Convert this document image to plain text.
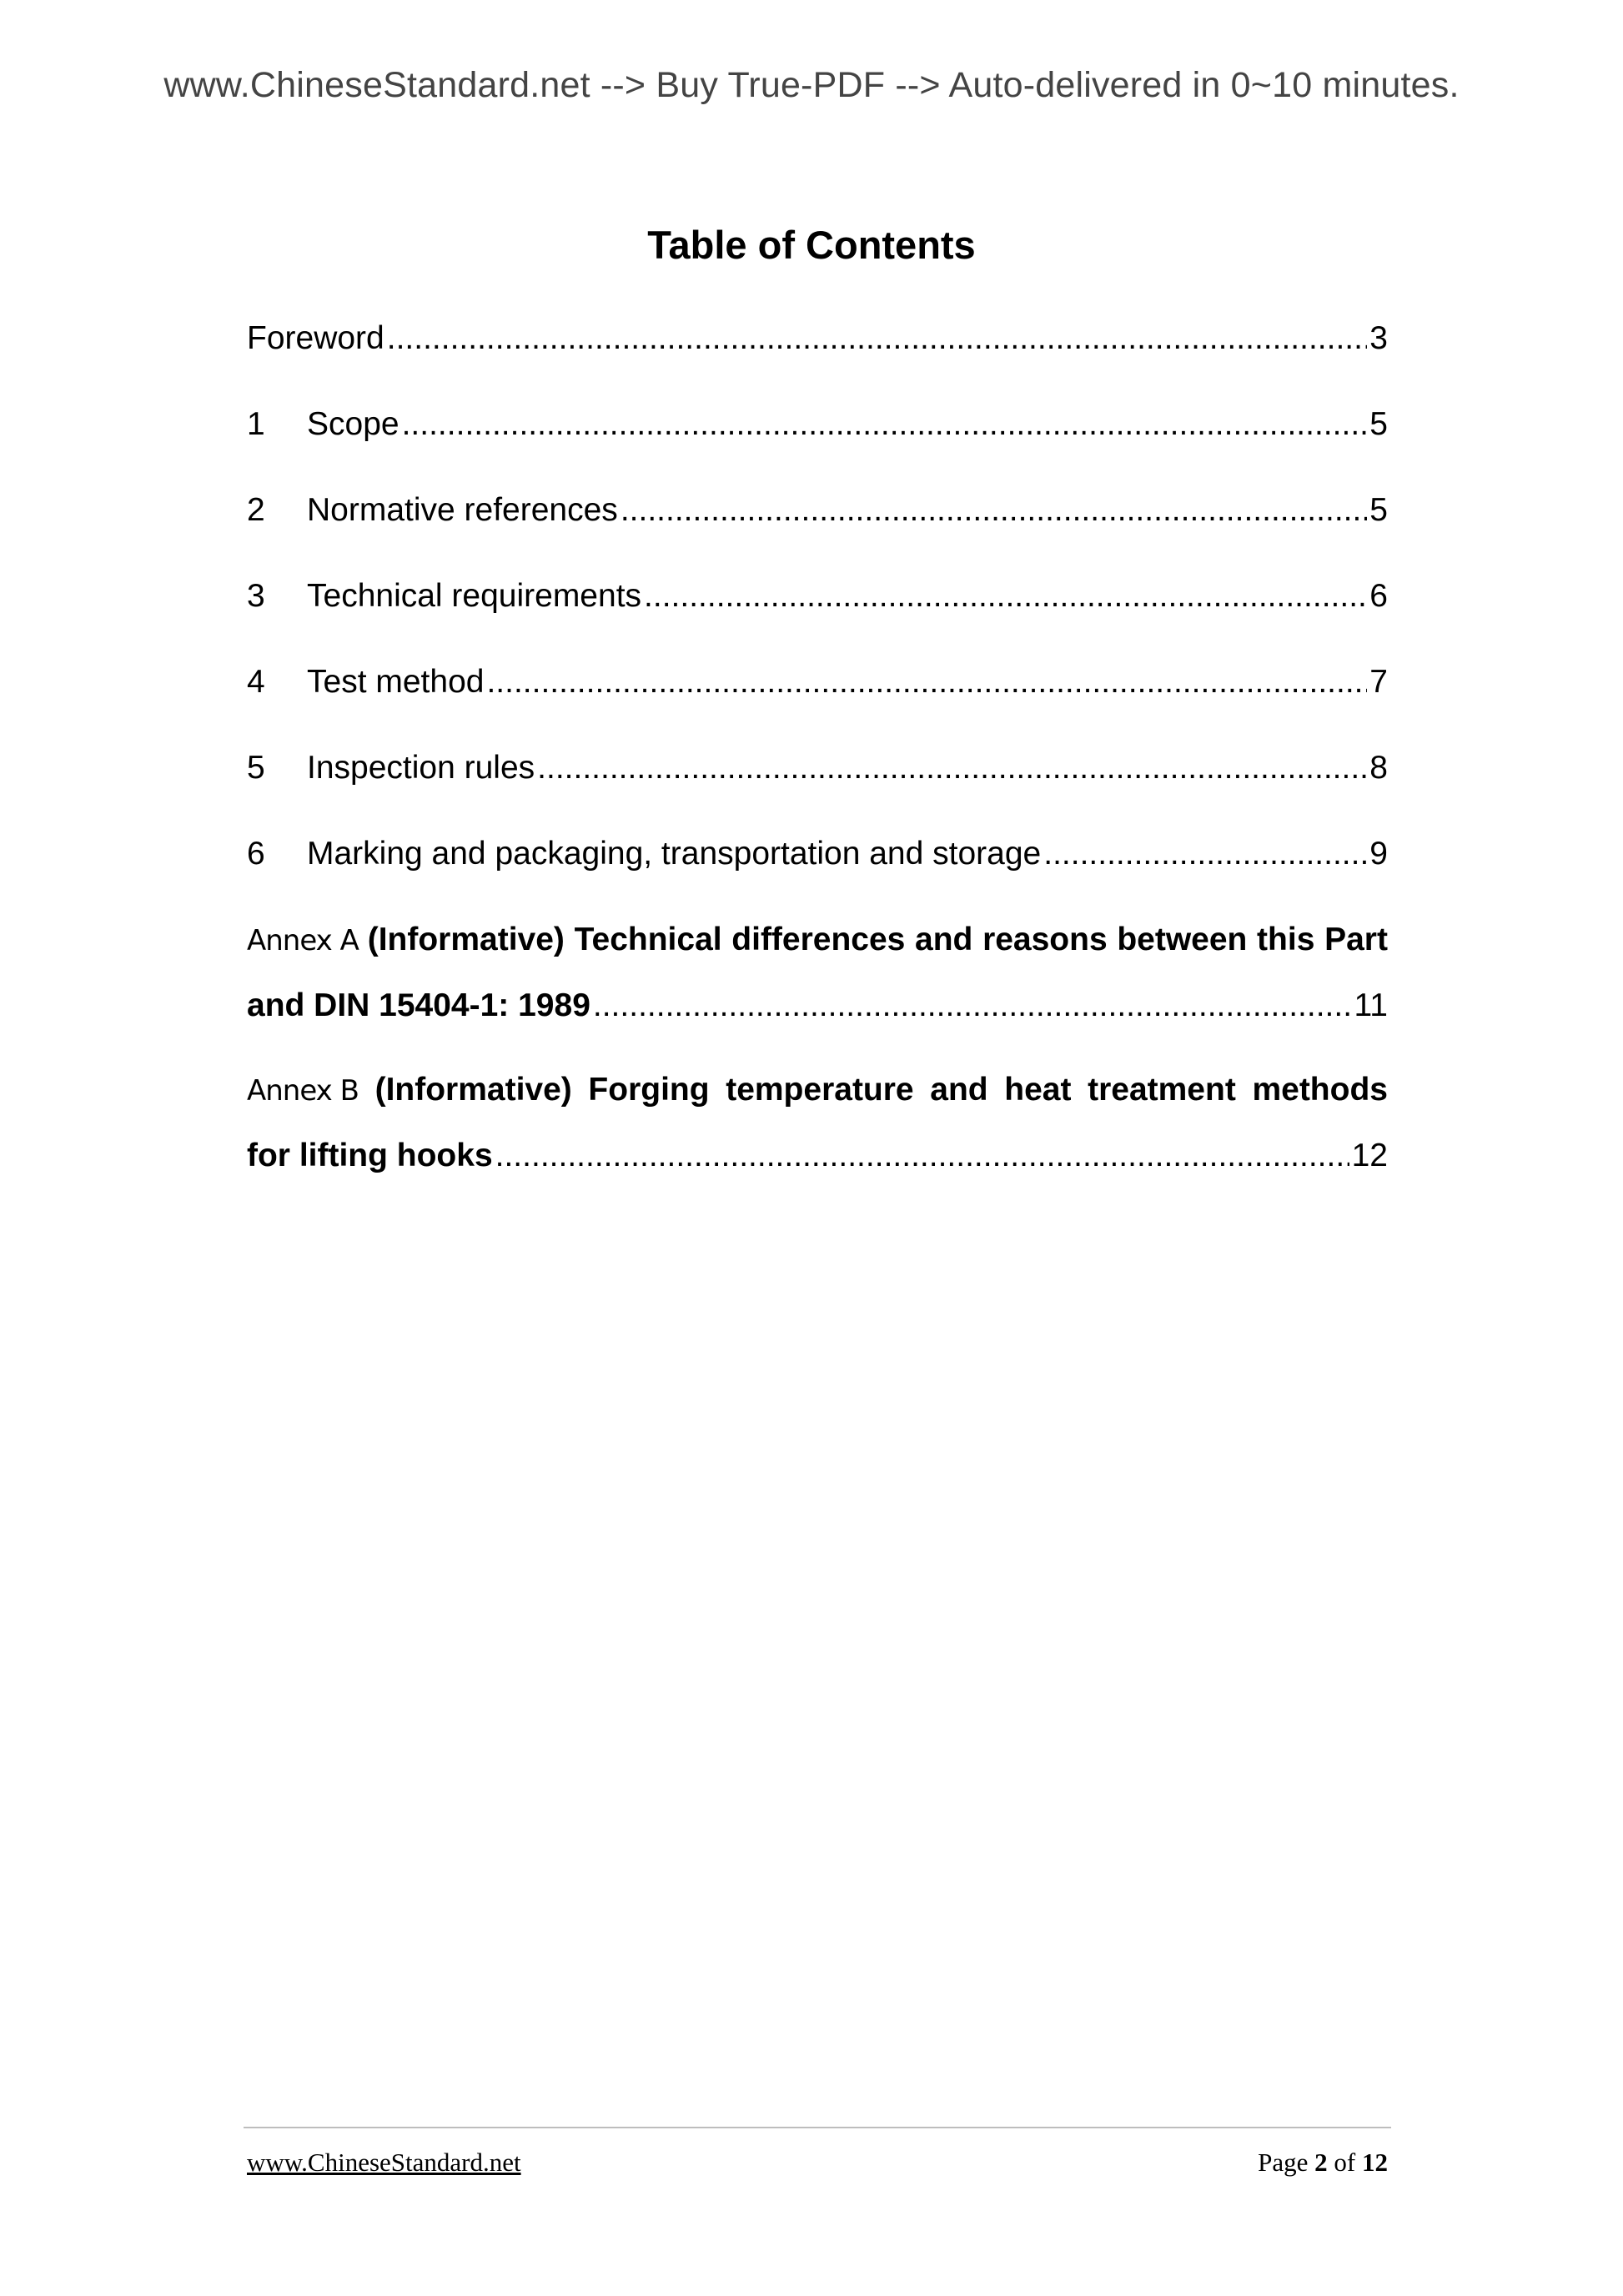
www.ChineseStandard.net --> Buy True-PDF --> Auto-delivered in 0~10 minutes.
Table of Contents
Foreword .....	3
1	Scope .....	5
2	Normative references .....	5
3	Technical requirements .....	6
4	Test method .....	7
5	Inspection rules .....	8
6	Marking and packaging, transportation and storage .....	9
Annex A (Informative) Technical differences and reasons between this Part
and DIN 15404-1: 1989 .....	11
Annex B (Informative) Forging temperature and heat treatment methods
for lifting hooks .....	12
www.ChineseStandard.net	Page 2 of 12
